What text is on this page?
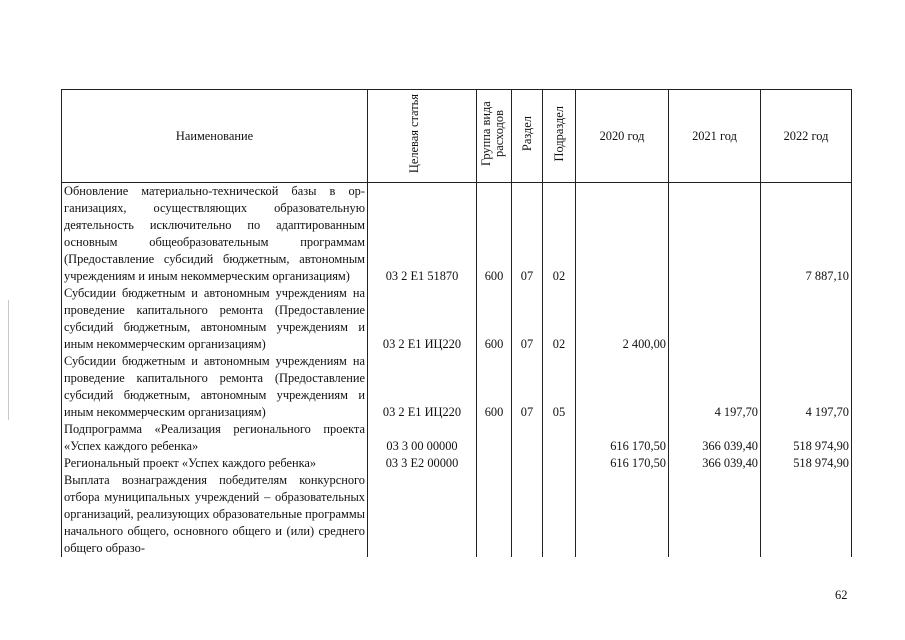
Наименование	Целевая статья	Группа вида расходов	Раздел	Подраздел	2020 год	2021 год	2022 год

Обновление материально-технической базы в организациях, осуществляющих образовательную деятельность исключительно по адаптированным основным общеобразовательным программам (Предоставление субсидий бюджетным, автономным учреждениям и иным некоммерческим организациям)	03 2 Е1 51870	600	07	02			7 887,10

Субсидии бюджетным и автономным учреждениям на проведение капитального ремонта (Предоставление субсидий бюджетным, автономным учреждениям и иным некоммерческим организациям)	03 2 Е1 ИЦ220	600	07	02	2 400,00		

Субсидии бюджетным и автономным учреждениям на проведение капитального ремонта (Предоставление субсидий бюджетным, автономным учреждениям и иным некоммерческим организациям)	03 2 Е1 ИЦ220	600	07	05		4 197,70	4 197,70

Подпрограмма «Реализация регионального проекта «Успех каждого ребенка»	03 3 00 00000				616 170,50	366 039,40	518 974,90

Региональный проект «Успех каждого ребенка»	03 3 Е2 00000				616 170,50	366 039,40	518 974,90

Выплата вознаграждения победителям конкурсного отбора муниципальных учреждений – образовательных организаций, реализующих образовательные программы начального общего, основного общего и (или) среднего общего образо-							

62
